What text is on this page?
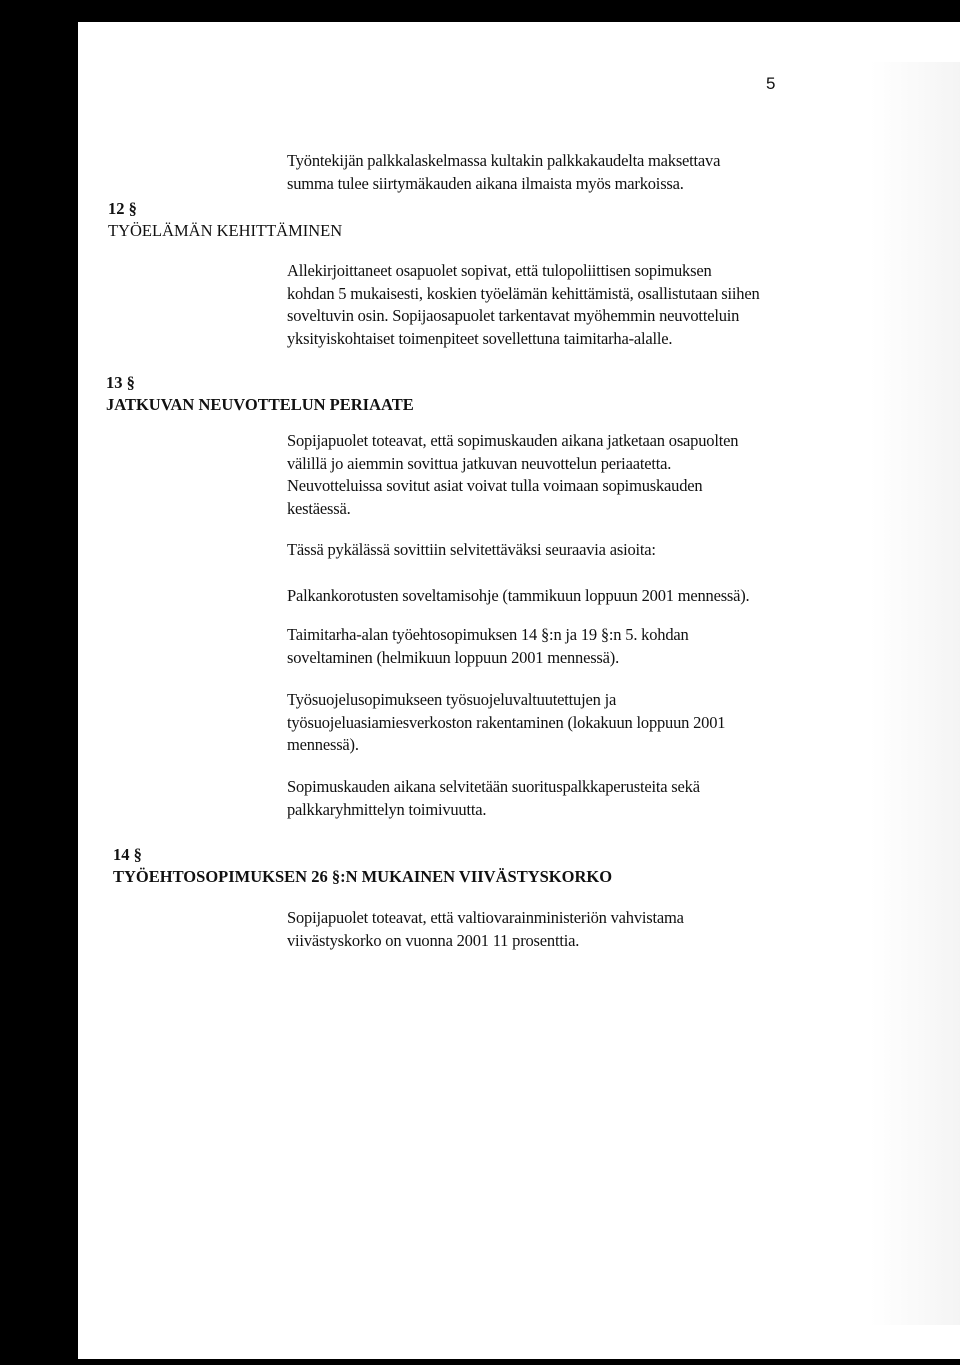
5
Työntekijän palkkalaskelmassa kultakin palkkakaudelta maksettava
summa tulee siirtymäkauden aikana ilmaista myös markoissa.
12 §
TYÖELÄMÄN KEHITTÄMINEN
Allekirjoittaneet osapuolet sopivat, että tulopoliittisen sopimuksen
kohdan 5 mukaisesti, koskien työelämän kehittämistä, osallistutaan siihen
soveltuvin osin. Sopijaosapuolet tarkentavat myöhemmin neuvotteluin
yksityiskohtaiset toimenpiteet sovellettuna taimitarha-alalle.
13 §
JATKUVAN NEUVOTTELUN PERIAATE
Sopijapuolet toteavat, että sopimuskauden aikana jatketaan osapuolten
välillä jo aiemmin sovittua jatkuvan neuvottelun periaatetta.
Neuvotteluissa sovitut asiat voivat tulla voimaan sopimuskauden
kestäessä.
Tässä pykälässä sovittiin selvitettäväksi seuraavia asioita:
Palkankorotusten soveltamisohje (tammikuun loppuun 2001 mennessä).
Taimitarha-alan työehtosopimuksen 14 §:n ja 19 §:n 5. kohdan
soveltaminen (helmikuun loppuun 2001 mennessä).
Työsuojelusopimukseen työsuojeluvaltuutettujen ja
työsuojeluasiamiesverkoston rakentaminen (lokakuun loppuun 2001
mennessä).
Sopimuskauden aikana selvitetään suorituspalkkaperusteita sekä
palkkaryhmittelyn toimivuutta.
14 §
TYÖEHTOSOPIMUKSEN 26 §:N MUKAINEN VIIVÄSTYSKORKO
Sopijapuolet toteavat, että valtiovarainministeriön vahvistama
viivästyskorko on vuonna 2001 11 prosenttia.
